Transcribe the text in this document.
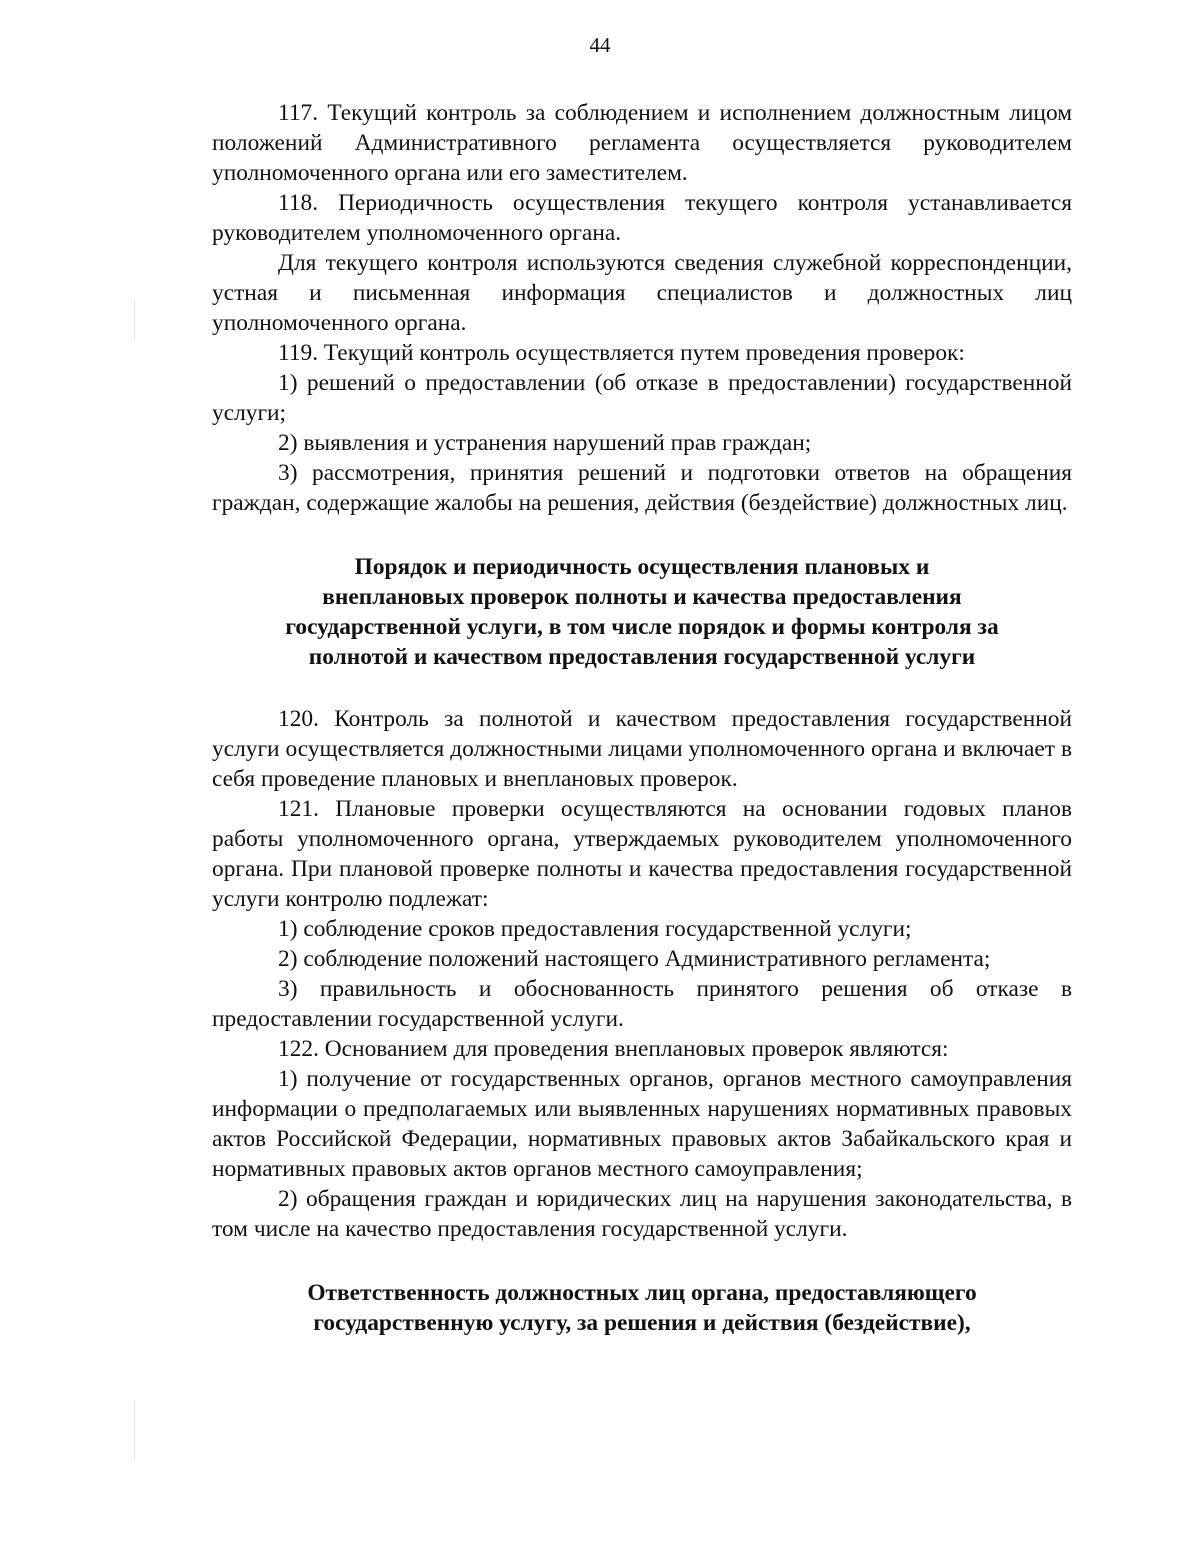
44

117. Текущий контроль за соблюдением и исполнением должностным лицом положений Административного регламента осуществляется руководителем уполномоченного органа или его заместителем.

118. Периодичность осуществления текущего контроля устанавливается руководителем уполномоченного органа.

Для текущего контроля используются сведения служебной корреспонденции, устная и письменная информация специалистов и должностных лиц уполномоченного органа.

119. Текущий контроль осуществляется путем проведения проверок:

1) решений о предоставлении (об отказе в предоставлении) государственной услуги;

2) выявления и устранения нарушений прав граждан;

3) рассмотрения, принятия решений и подготовки ответов на обращения граждан, содержащие жалобы на решения, действия (бездействие) должностных лиц.

Порядок и периодичность осуществления плановых и

внеплановых проверок полноты и качества предоставления

государственной услуги, в том числе порядок и формы контроля за

полнотой и качеством предоставления государственной услуги

120. Контроль за полнотой и качеством предоставления государственной услуги осуществляется должностными лицами уполномоченного органа и включает в себя проведение плановых и внеплановых проверок.

121. Плановые проверки осуществляются на основании годовых планов работы уполномоченного органа, утверждаемых руководителем уполномоченного органа. При плановой проверке полноты и качества предоставления государственной услуги контролю подлежат:

1) соблюдение сроков предоставления государственной услуги;

2) соблюдение положений настоящего Административного регламента;

3) правильность и обоснованность принятого решения об отказе в предоставлении государственной услуги.

122. Основанием для проведения внеплановых проверок являются:

1) получение от государственных органов, органов местного самоуправления информации о предполагаемых или выявленных нарушениях нормативных правовых актов Российской Федерации, нормативных правовых актов Забайкальского края и нормативных правовых актов органов местного самоуправления;

2) обращения граждан и юридических лиц на нарушения законодательства, в том числе на качество предоставления государственной услуги.

Ответственность должностных лиц органа, предоставляющего

государственную услугу, за решения и действия (бездействие),
